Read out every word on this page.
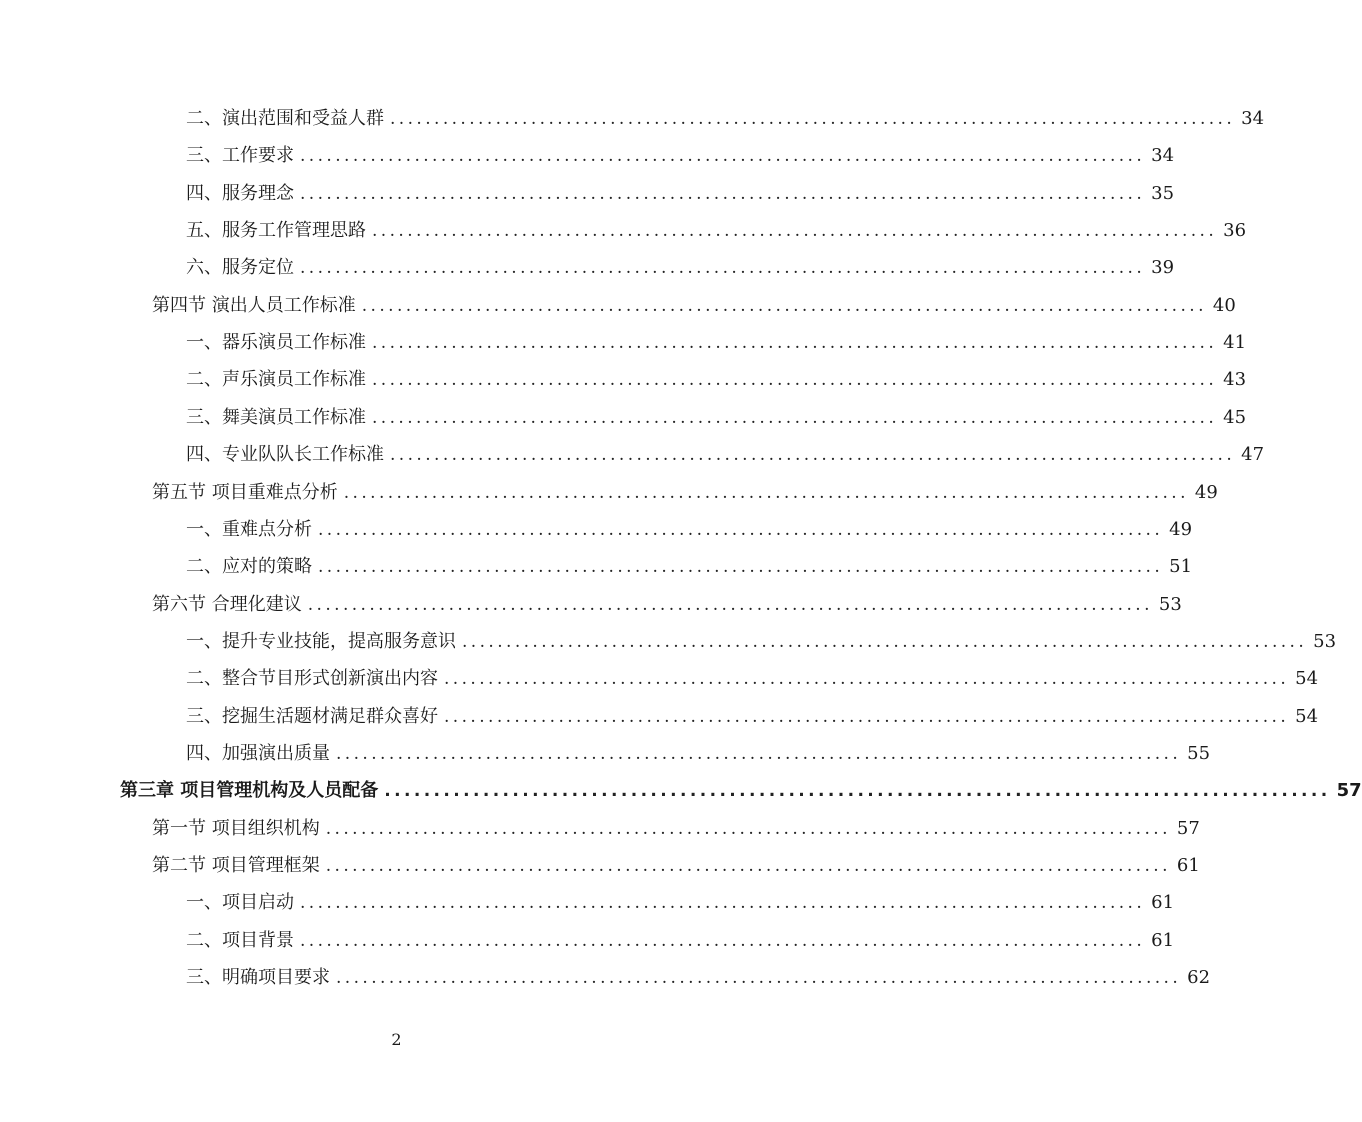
二、演出范围和受益人群 ................................................................................................ 34
三、工作要求 ................................................................................................ 34
四、服务理念 ................................................................................................ 35
五、服务工作管理思路 ................................................................................................ 36
六、服务定位 ................................................................................................ 39
第四节 演出人员工作标准 ................................................................................................ 40
一、器乐演员工作标准 ................................................................................................ 41
二、声乐演员工作标准 ................................................................................................ 43
三、舞美演员工作标准 ................................................................................................ 45
四、专业队队长工作标准 ................................................................................................ 47
第五节 项目重难点分析 ................................................................................................ 49
一、重难点分析 ................................................................................................ 49
二、应对的策略 ................................................................................................ 51
第六节 合理化建议 ................................................................................................ 53
一、提升专业技能，提高服务意识 ................................................................................................ 53
二、整合节目形式创新演出内容 ................................................................................................ 54
三、挖掘生活题材满足群众喜好 ................................................................................................ 54
四、加强演出质量 ................................................................................................ 55
第三章 项目管理机构及人员配备 ................................................................................................ 57
第一节 项目组织机构 ................................................................................................ 57
第二节 项目管理框架 ................................................................................................ 61
一、项目启动 ................................................................................................ 61
二、项目背景 ................................................................................................ 61
三、明确项目要求 ................................................................................................ 62
2
